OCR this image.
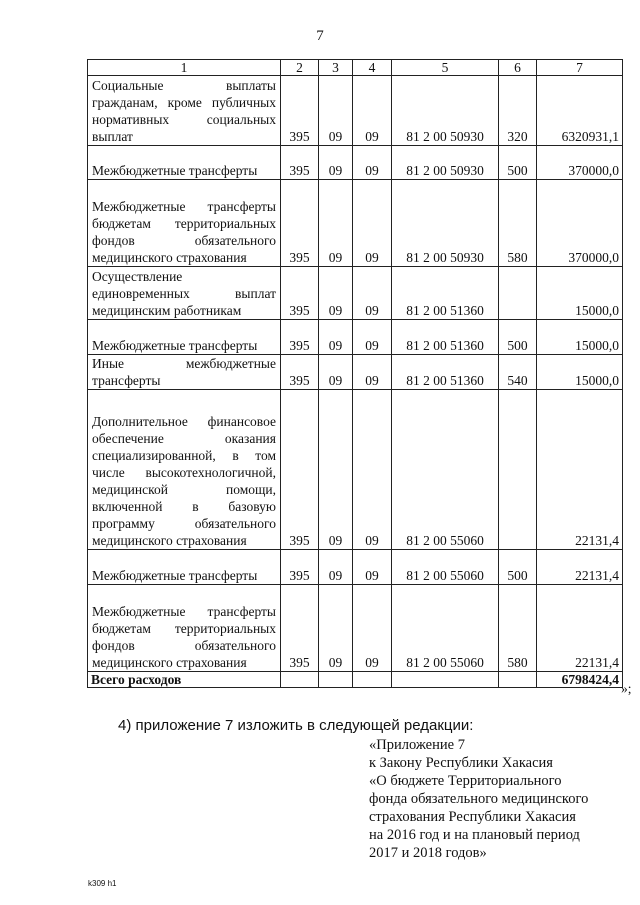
7
1	2	3	4	5	6	7
Социальные выплаты гражданам, кроме публичных нормативных социальных выплат	395	09	09	81 2 00 50930	320	6320931,1
Межбюджетные трансферты	395	09	09	81 2 00 50930	500	370000,0
Межбюджетные трансферты бюджетам территориальных фондов обязательного медицинского страхования	395	09	09	81 2 00 50930	580	370000,0
Осуществление единовременных выплат медицинским работникам	395	09	09	81 2 00 51360		15000,0
Межбюджетные трансферты	395	09	09	81 2 00 51360	500	15000,0
Иные межбюджетные трансферты	395	09	09	81 2 00 51360	540	15000,0
Дополнительное финансовое обеспечение оказания специализированной, в том числе высокотехнологичной, медицинской помощи, включенной в базовую программу обязательного медицинского страхования	395	09	09	81 2 00 55060		22131,4
Межбюджетные трансферты	395	09	09	81 2 00 55060	500	22131,4
Межбюджетные трансферты бюджетам территориальных фондов обязательного медицинского страхования	395	09	09	81 2 00 55060	580	22131,4
Всего расходов						6798424,4
»;
4) приложение 7 изложить в следующей редакции:
«Приложение 7
к Закону Республики Хакасия
«О бюджете Территориального
фонда обязательного медицинского
страхования Республики Хакасия
на 2016 год и на плановый период
2017 и 2018 годов»
k309 h1
